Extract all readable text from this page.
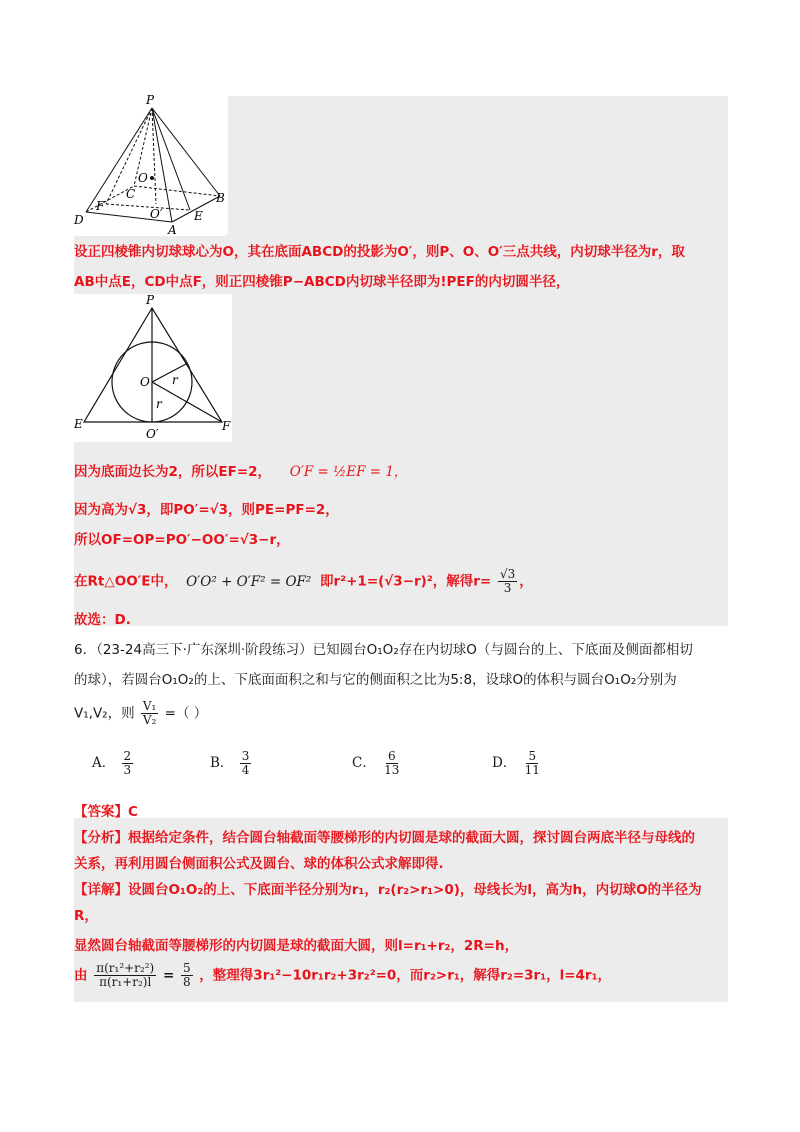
P
O
C	B
D
F
O′
A
E
设正四棱锥内切球球心为O，其在底面ABCD的投影为O′，则P、O、O′三点共线，内切球半径为r，取
AB中点E，CD中点F，则正四棱锥P−ABCD内切球半径即为!PEF的内切圆半径，
P
O r
r
E
O′
F
因为底面边长为2，所以EF=2， O′F = ½EF = 1，
因为高为√3，即PO′=√3，则PE=PF=2，
所以OF=OP=PO′−OO′=√3−r，
在Rt△OO′E中， O′O² + O′F² = OF² 即r²+1=(√3−r)²，解得$r= \frac{√3}{3}$ ，
故选：D.
6．（23-24高三下·广东深圳·阶段练习）已知圆台O₁O₂存在内切球O（与圆台的上、下底面及侧面都相切
的球），若圆台O₁O₂的上、下底面面积之和与它的侧面积之比为5:8，设球O的体积与圆台O₁O₂分别为
V₁,V₂，则 $\frac{\text{V₁}}{\text{V₂}}$ =（ ）
A． $\frac{2}{3}$	B． $\frac{3}{4}$	C． $\frac{6}{13}$	D． $\frac{5}{11}$
【答案】C
【分析】根据给定条件，结合圆台轴截面等腰梯形的内切圆是球的截面大圆，探讨圆台两底半径与母线的
关系，再利用圆台侧面积公式及圆台、球的体积公式求解即得.
【详解】设圆台O₁O₂的上、下底面半径分别为r₁，r₂(r₂>r₁>0)，母线长为l，高为h，内切球O的半径为
R，
显然圆台轴截面等腰梯形的内切圆是球的截面大圆，则l=r₁+r₂，2R=h，
由 $\frac{\text{π(r₁²+r₂²)}}{\text{π(r₁+r₂)l}} = \frac{5}{8}$ ，整理得3r₁²−10r₁r₂+3r₂²=0，而r₂>r₁，解得r₂=3r₁，l=4r₁，
